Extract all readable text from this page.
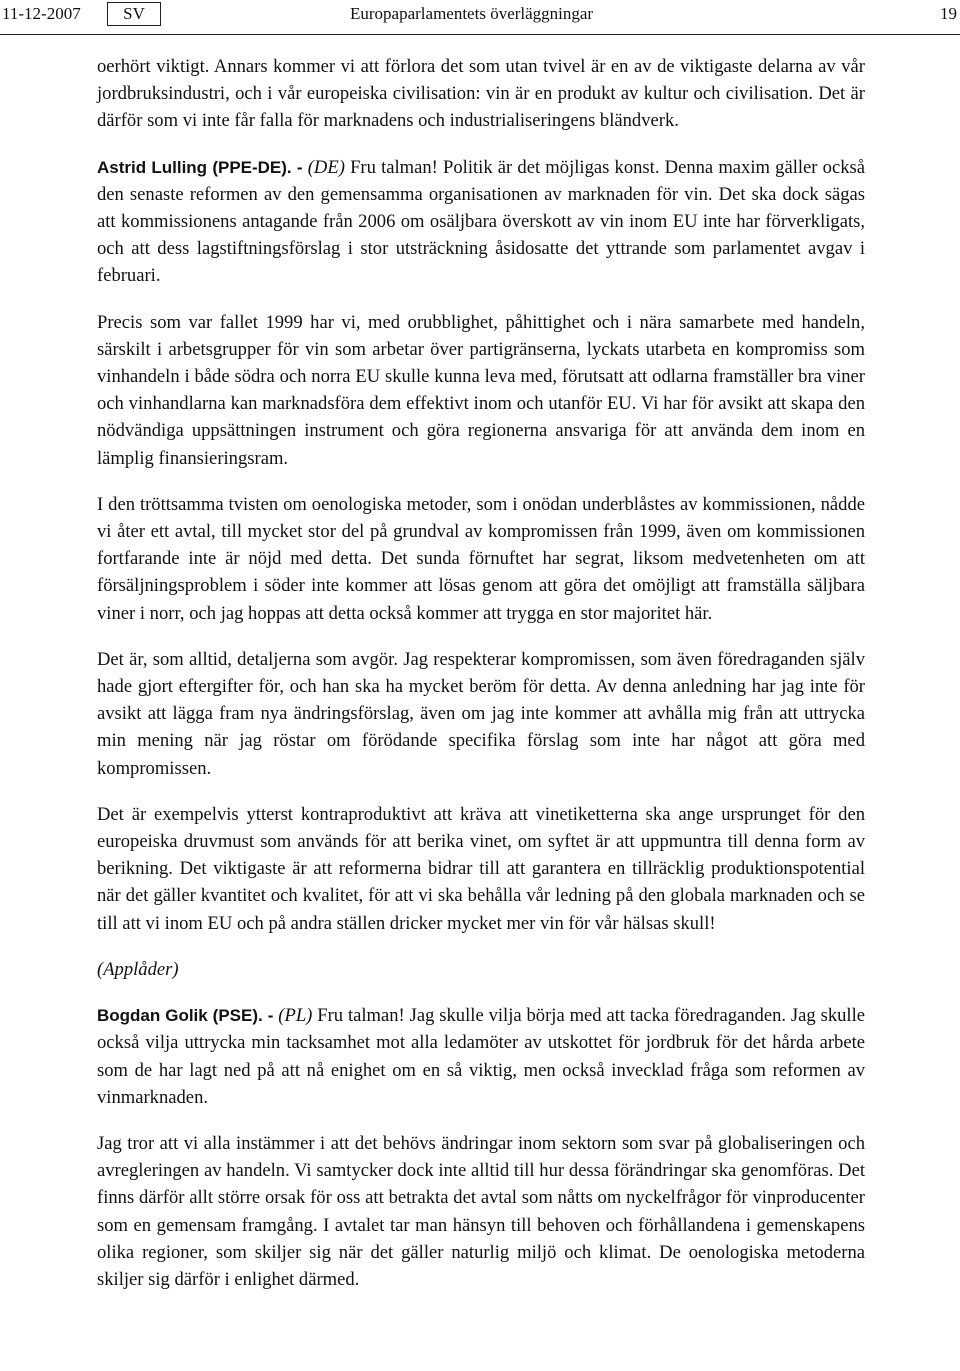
11-12-2007	SV	Europaparlamentets överläggningar	19

oerhört viktigt. Annars kommer vi att förlora det som utan tvivel är en av de viktigaste delarna av vår jordbruksindustri, och i vår europeiska civilisation: vin är en produkt av kultur och civilisation. Det är därför som vi inte får falla för marknadens och industrialiseringens bländverk.

Astrid Lulling (PPE-DE). - (DE) Fru talman! Politik är det möjligas konst. Denna maxim gäller också den senaste reformen av den gemensamma organisationen av marknaden för vin. Det ska dock sägas att kommissionens antagande från 2006 om osäljbara överskott av vin inom EU inte har förverkligats, och att dess lagstiftningsförslag i stor utsträckning åsidosatte det yttrande som parlamentet avgav i februari.

Precis som var fallet 1999 har vi, med orubblighet, påhittighet och i nära samarbete med handeln, särskilt i arbetsgrupper för vin som arbetar över partigränserna, lyckats utarbeta en kompromiss som vinhandeln i både södra och norra EU skulle kunna leva med, förutsatt att odlarna framställer bra viner och vinhandlarna kan marknadsföra dem effektivt inom och utanför EU. Vi har för avsikt att skapa den nödvändiga uppsättningen instrument och göra regionerna ansvariga för att använda dem inom en lämplig finansieringsram.

I den tröttsamma tvisten om oenologiska metoder, som i onödan underblåstes av kommissionen, nådde vi åter ett avtal, till mycket stor del på grundval av kompromissen från 1999, även om kommissionen fortfarande inte är nöjd med detta. Det sunda förnuftet har segrat, liksom medvetenheten om att försäljningsproblem i söder inte kommer att lösas genom att göra det omöjligt att framställa säljbara viner i norr, och jag hoppas att detta också kommer att trygga en stor majoritet här.

Det är, som alltid, detaljerna som avgör. Jag respekterar kompromissen, som även föredraganden själv hade gjort eftergifter för, och han ska ha mycket beröm för detta. Av denna anledning har jag inte för avsikt att lägga fram nya ändringsförslag, även om jag inte kommer att avhålla mig från att uttrycka min mening när jag röstar om förödande specifika förslag som inte har något att göra med kompromissen.

Det är exempelvis ytterst kontraproduktivt att kräva att vinetiketterna ska ange ursprunget för den europeiska druvmust som används för att berika vinet, om syftet är att uppmuntra till denna form av berikning. Det viktigaste är att reformerna bidrar till att garantera en tillräcklig produktionspotential när det gäller kvantitet och kvalitet, för att vi ska behålla vår ledning på den globala marknaden och se till att vi inom EU och på andra ställen dricker mycket mer vin för vår hälsas skull!

(Applåder)

Bogdan Golik (PSE). - (PL) Fru talman! Jag skulle vilja börja med att tacka föredraganden. Jag skulle också vilja uttrycka min tacksamhet mot alla ledamöter av utskottet för jordbruk för det hårda arbete som de har lagt ned på att nå enighet om en så viktig, men också invecklad fråga som reformen av vinmarknaden.

Jag tror att vi alla instämmer i att det behövs ändringar inom sektorn som svar på globaliseringen och avregleringen av handeln. Vi samtycker dock inte alltid till hur dessa förändringar ska genomföras. Det finns därför allt större orsak för oss att betrakta det avtal som nåtts om nyckelfrågor för vinproducenter som en gemensam framgång. I avtalet tar man hänsyn till behoven och förhållandena i gemenskapens olika regioner, som skiljer sig när det gäller naturlig miljö och klimat. De oenologiska metoderna skiljer sig därför i enlighet därmed.
